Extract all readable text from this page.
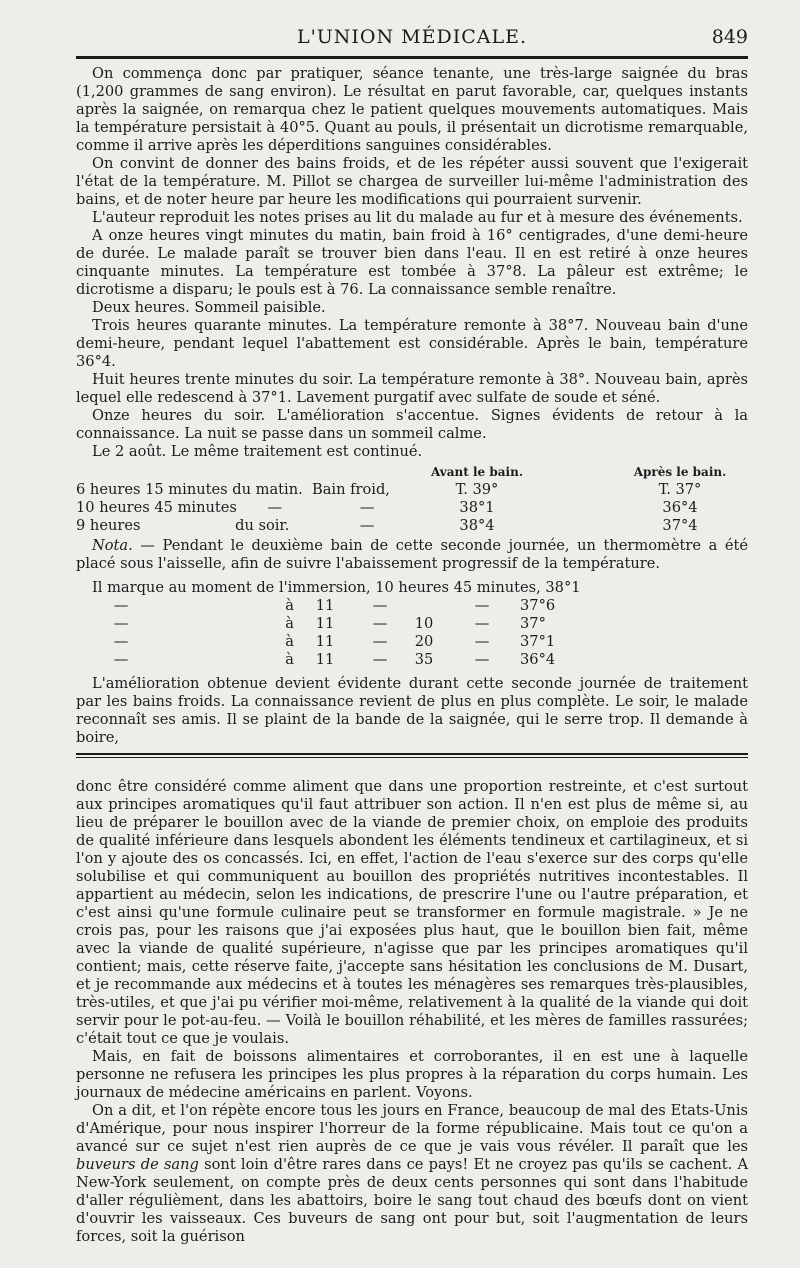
L'UNION MÉDICALE.	849

On commença donc par pratiquer, séance tenante, une très-large saignée du bras (1,200 grammes de sang environ). Le résultat en parut favorable, car, quelques instants après la saignée, on remarqua chez le patient quelques mouvements automatiques. Mais la température persistait à 40°5. Quant au pouls, il présentait un dicrotisme remarquable, comme il arrive après les déperditions sanguines considérables.

On convint de donner des bains froids, et de les répéter aussi souvent que l'exigerait l'état de la température. M. Pillot se chargea de surveiller lui-même l'administration des bains, et de noter heure par heure les modifications qui pourraient survenir.

L'auteur reproduit les notes prises au lit du malade au fur et à mesure des événements.

A onze heures vingt minutes du matin, bain froid à 16° centigrades, d'une demi-heure de durée. Le malade paraît se trouver bien dans l'eau. Il en est retiré à onze heures cinquante minutes. La température est tombée à 37°8. La pâleur est extrême; le dicrotisme a disparu; le pouls est à 76. La connaissance semble renaître.

Deux heures. Sommeil paisible.

Trois heures quarante minutes. La température remonte à 38°7. Nouveau bain d'une demi-heure, pendant lequel l'abattement est considérable. Après le bain, température 36°4.

Huit heures trente minutes du soir. La température remonte à 38°. Nouveau bain, après lequel elle redescend à 37°1. Lavement purgatif avec sulfate de soude et séné.

Onze heures du soir. L'amélioration s'accentue. Signes évidents de retour à la connaissance. La nuit se passe dans un sommeil calme.

Le 2 août. Le même traitement est continué.

		Avant le bain.		Après le bain.
6 heures 15 minutes du matin.	Bain froid,	T. 39°		T. 37°
10 heures 45 minutes —	—	38°1		36°4
9 heures du soir.	—	38°4		37°4

Nota. — Pendant le deuxième bain de cette seconde journée, un thermomètre a été placé sous l'aisselle, afin de suivre l'abaissement progressif de la température.

Il marque au moment de l'immersion, 10 heures 45 minutes, 38°1

—	à	11	—		—	37°6
—	à	11	—	10	—	37°
—	à	11	—	20	—	37°1
—	à	11	—	35	—	36°4

L'amélioration obtenue devient évidente durant cette seconde journée de traitement par les bains froids. La connaissance revient de plus en plus complète. Le soir, le malade reconnaît ses amis. Il se plaint de la bande de la saignée, qui le serre trop. Il demande à boire,

donc être considéré comme aliment que dans une proportion restreinte, et c'est surtout aux principes aromatiques qu'il faut attribuer son action. Il n'en est plus de même si, au lieu de préparer le bouillon avec de la viande de premier choix, on emploie des produits de qualité inférieure dans lesquels abondent les éléments tendineux et cartilagineux, et si l'on y ajoute des os concassés. Ici, en effet, l'action de l'eau s'exerce sur des corps qu'elle solubilise et qui communiquent au bouillon des propriétés nutritives incontestables. Il appartient au médecin, selon les indications, de prescrire l'une ou l'autre préparation, et c'est ainsi qu'une formule culinaire peut se transformer en formule magistrale. » Je ne crois pas, pour les raisons que j'ai exposées plus haut, que le bouillon bien fait, même avec la viande de qualité supérieure, n'agisse que par les principes aromatiques qu'il contient; mais, cette réserve faite, j'accepte sans hésitation les conclusions de M. Dusart, et je recommande aux médecins et à toutes les ménagères ses remarques très-plausibles, très-utiles, et que j'ai pu vérifier moi-même, relativement à la qualité de la viande qui doit servir pour le pot-au-feu. — Voilà le bouillon réhabilité, et les mères de familles rassurées; c'était tout ce que je voulais.

Mais, en fait de boissons alimentaires et corroborantes, il en est une à laquelle personne ne refusera les principes les plus propres à la réparation du corps humain. Les journaux de médecine américains en parlent. Voyons.

On a dit, et l'on répète encore tous les jours en France, beaucoup de mal des Etats-Unis d'Amérique, pour nous inspirer l'horreur de la forme républicaine. Mais tout ce qu'on a avancé sur ce sujet n'est rien auprès de ce que je vais vous révéler. Il paraît que les buveurs de sang sont loin d'être rares dans ce pays! Et ne croyez pas qu'ils se cachent. A New-York seulement, on compte près de deux cents personnes qui sont dans l'habitude d'aller régulièment, dans les abattoirs, boire le sang tout chaud des bœufs dont on vient d'ouvrir les vaisseaux. Ces buveurs de sang ont pour but, soit l'augmentation de leurs forces, soit la guérison
